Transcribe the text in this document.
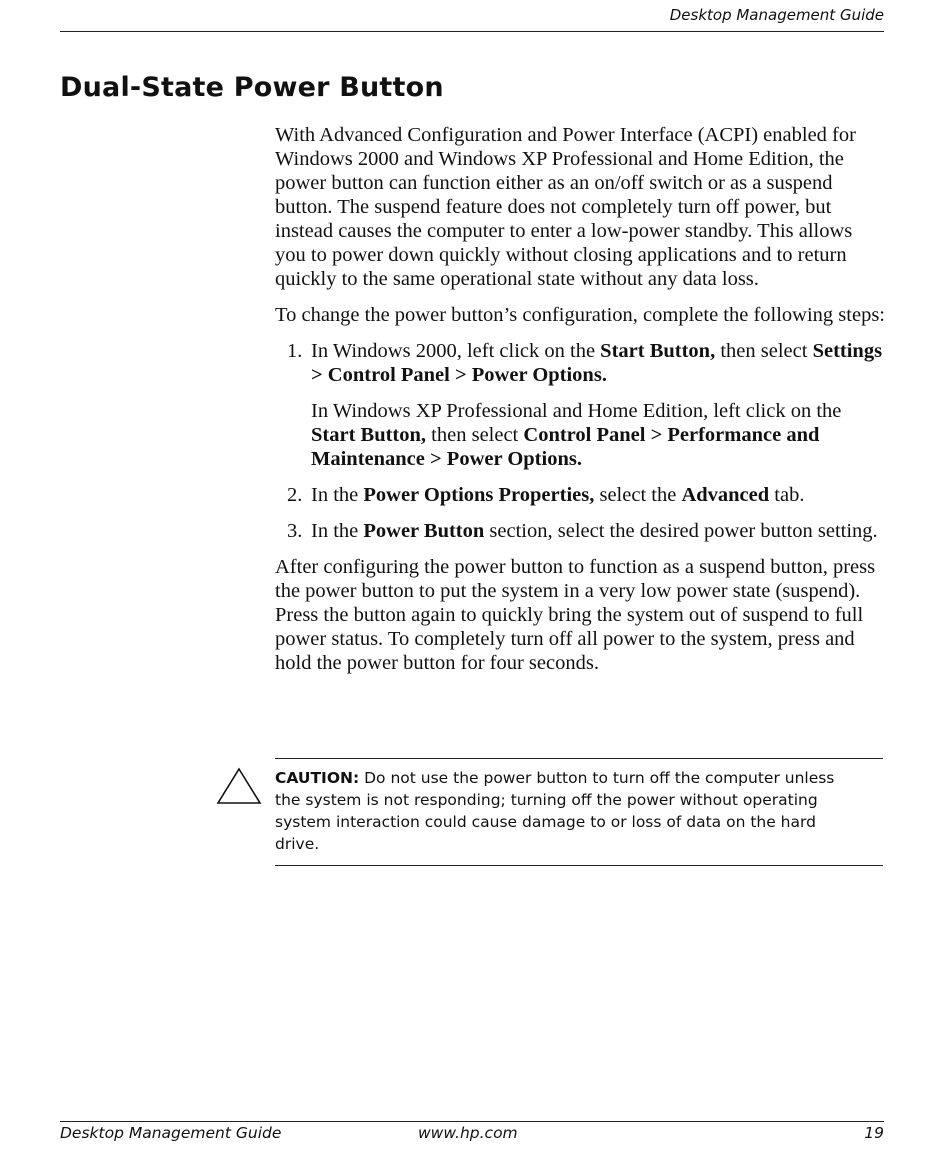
Desktop Management Guide
Dual-State Power Button

With Advanced Configuration and Power Interface (ACPI) enabled for Windows 2000 and Windows XP Professional and Home Edition, the power button can function either as an on/off switch or as a suspend button. The suspend feature does not completely turn off power, but instead causes the computer to enter a low-power standby. This allows you to power down quickly without closing applications and to return quickly to the same operational state without any data loss.

To change the power button’s configuration, complete the following steps:

1. In Windows 2000, left click on the Start Button, then select Settings > Control Panel > Power Options.
In Windows XP Professional and Home Edition, left click on the Start Button, then select Control Panel > Performance and Maintenance > Power Options.
2. In the Power Options Properties, select the Advanced tab.
3. In the Power Button section, select the desired power button setting.

After configuring the power button to function as a suspend button, press the power button to put the system in a very low power state (suspend). Press the button again to quickly bring the system out of suspend to full power status. To completely turn off all power to the system, press and hold the power button for four seconds.

CAUTION: Do not use the power button to turn off the computer unless the system is not responding; turning off the power without operating system interaction could cause damage to or loss of data on the hard drive.
Desktop Management Guide	www.hp.com	19
